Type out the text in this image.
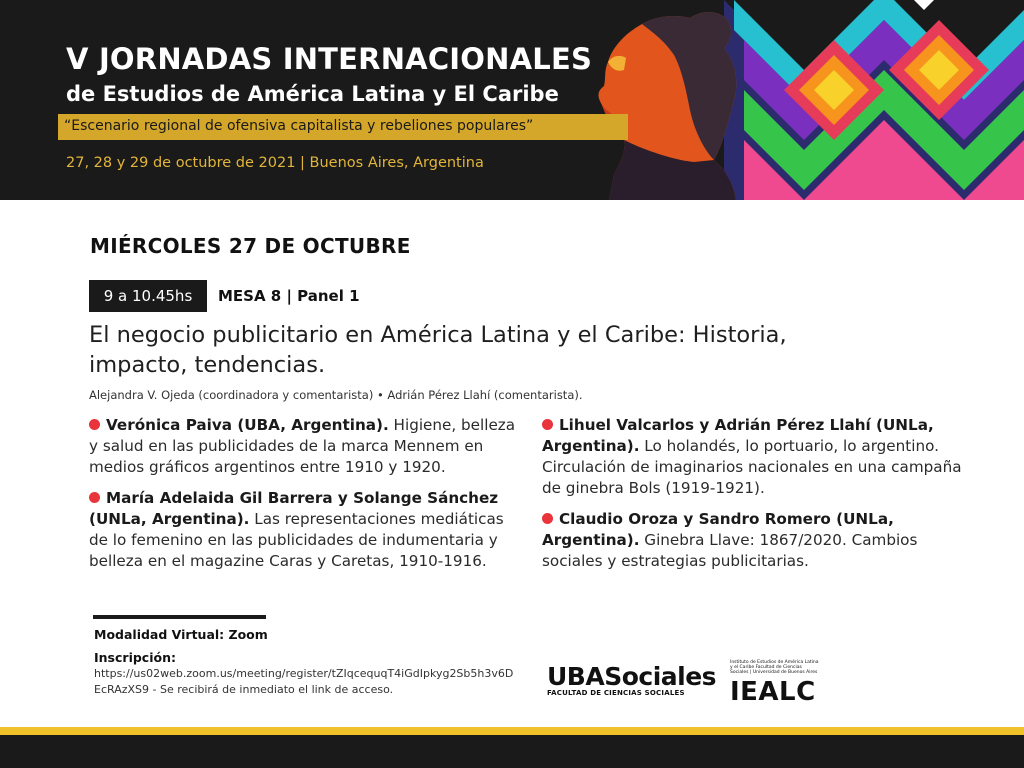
V JORNADAS INTERNACIONALES
de Estudios de América Latina y El Caribe
“Escenario regional de ofensiva capitalista y rebeliones populares”
27, 28 y 29 de octubre de 2021 | Buenos Aires, Argentina
MIÉRCOLES 27 DE OCTUBRE
9 a 10.45hs	MESA 8 | Panel 1
El negocio publicitario en América Latina y el Caribe: Historia, impacto, tendencias.
Alejandra V. Ojeda (coordinadora y comentarista) • Adrián Pérez Llahí (comentarista).
Verónica Paiva (UBA, Argentina). Higiene, belleza y salud en las publicidades de la marca Mennem en medios gráficos argentinos entre 1910 y 1920.
María Adelaida Gil Barrera y Solange Sánchez (UNLa, Argentina). Las representaciones mediáticas de lo femenino en las publicidades de indumentaria y belleza en el magazine Caras y Caretas, 1910-1916.
Lihuel Valcarlos y Adrián Pérez Llahí (UNLa, Argentina). Lo holandés, lo portuario, lo argentino. Circulación de imaginarios nacionales en una campaña de ginebra Bols (1919-1921).
Claudio Oroza y Sandro Romero (UNLa, Argentina). Ginebra Llave: 1867/2020. Cambios sociales y estrategias publicitarias.
Modalidad Virtual: Zoom
Inscripción:
https://us02web.zoom.us/meeting/register/tZIqcequqT4iGdIpkyg2Sb5h3v6DEcRAzXS9 - Se recibirá de inmediato el link de acceso.	UBASociales
FACULTAD DE CIENCIAS SOCIALES
Instituto de Estudios de América Latina y el Caribe Facultad de Ciencias Sociales | Universidad de Buenos Aires
IEALC
